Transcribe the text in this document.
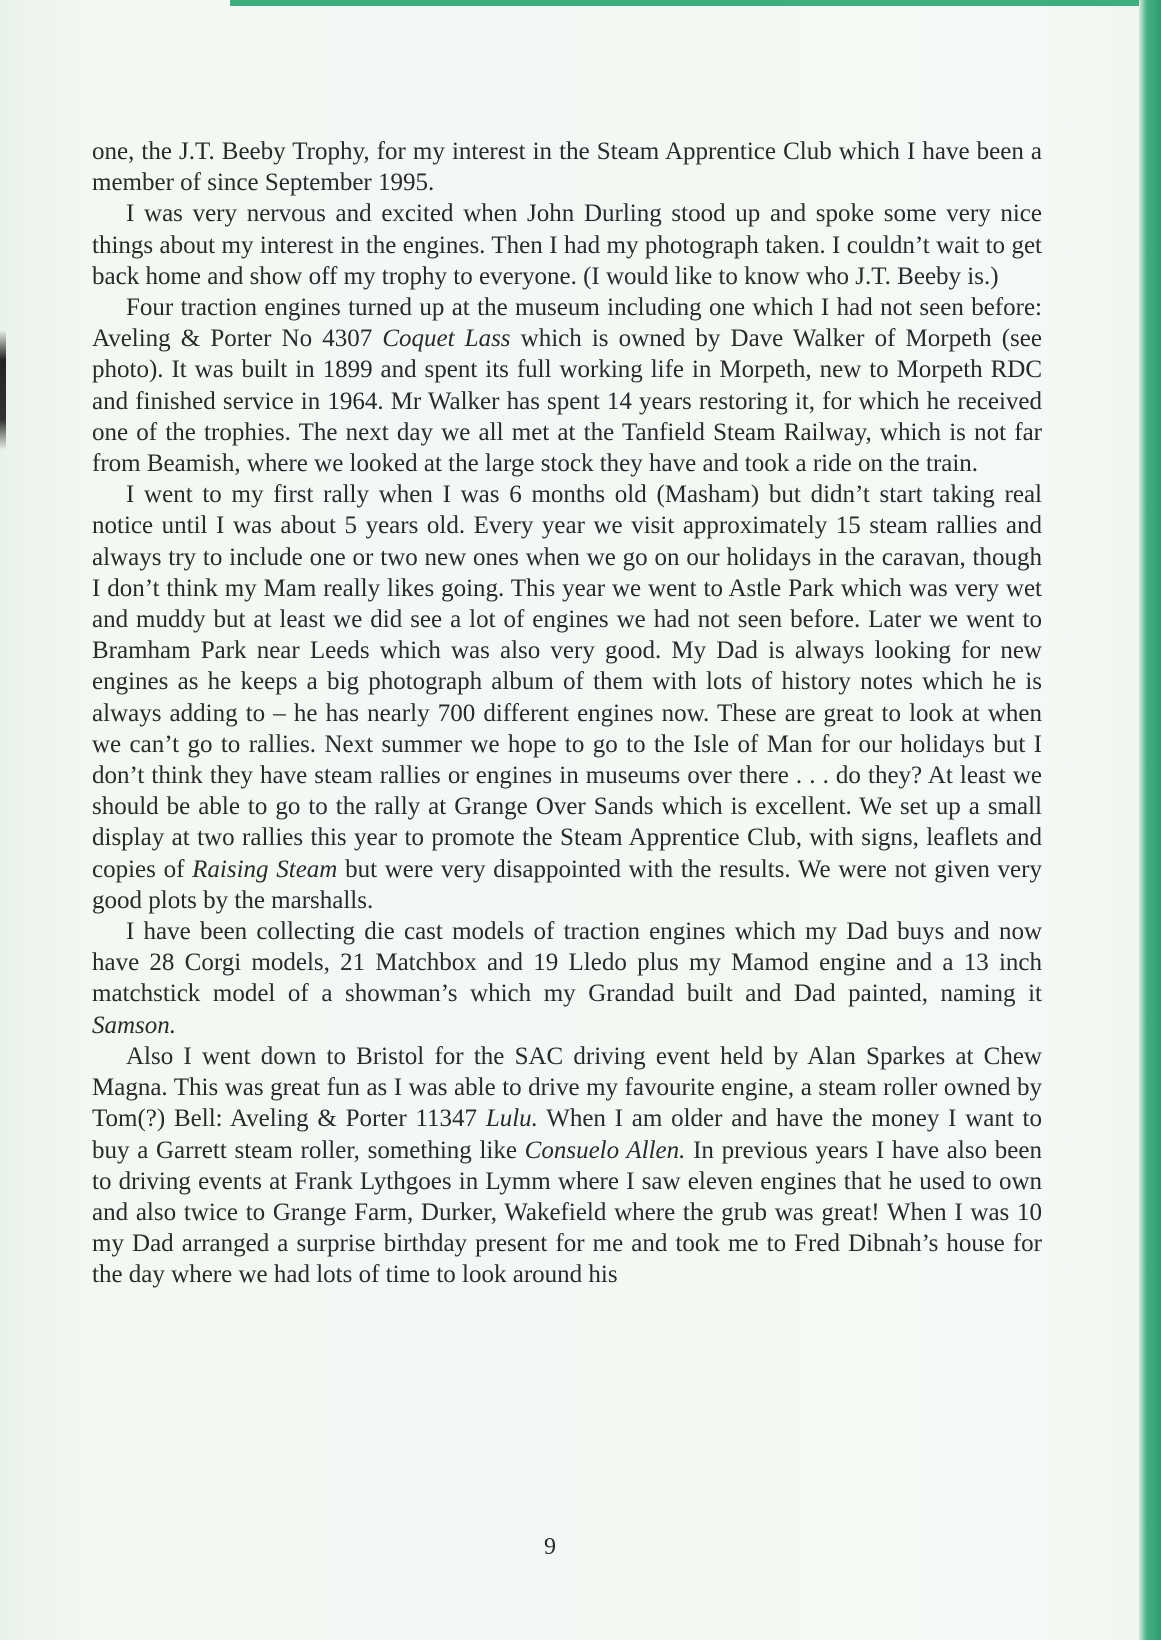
one, the J.T. Beeby Trophy, for my interest in the Steam Apprentice Club which I have been a member of since September 1995.

I was very nervous and excited when John Durling stood up and spoke some very nice things about my interest in the engines. Then I had my photograph taken. I couldn’t wait to get back home and show off my trophy to everyone. (I would like to know who J.T. Beeby is.)

Four traction engines turned up at the museum including one which I had not seen before: Aveling & Porter No 4307 Coquet Lass which is owned by Dave Walker of Morpeth (see photo). It was built in 1899 and spent its full working life in Morpeth, new to Morpeth RDC and finished service in 1964. Mr Walker has spent 14 years restoring it, for which he received one of the trophies. The next day we all met at the Tanfield Steam Railway, which is not far from Beamish, where we looked at the large stock they have and took a ride on the train.

I went to my first rally when I was 6 months old (Masham) but didn’t start taking real notice until I was about 5 years old. Every year we visit approximately 15 steam rallies and always try to include one or two new ones when we go on our holidays in the caravan, though I don’t think my Mam really likes going. This year we went to Astle Park which was very wet and muddy but at least we did see a lot of engines we had not seen before. Later we went to Bramham Park near Leeds which was also very good. My Dad is always looking for new engines as he keeps a big photograph album of them with lots of history notes which he is always adding to – he has nearly 700 different engines now. These are great to look at when we can’t go to rallies. Next summer we hope to go to the Isle of Man for our holidays but I don’t think they have steam rallies or engines in museums over there . . . do they? At least we should be able to go to the rally at Grange Over Sands which is excellent. We set up a small display at two rallies this year to promote the Steam Apprentice Club, with signs, leaflets and copies of Raising Steam but were very disappointed with the results. We were not given very good plots by the marshalls.

I have been collecting die cast models of traction engines which my Dad buys and now have 28 Corgi models, 21 Matchbox and 19 Lledo plus my Mamod engine and a 13 inch matchstick model of a showman’s which my Grandad built and Dad painted, naming it Samson.

Also I went down to Bristol for the SAC driving event held by Alan Sparkes at Chew Magna. This was great fun as I was able to drive my favourite engine, a steam roller owned by Tom(?) Bell: Aveling & Porter 11347 Lulu. When I am older and have the money I want to buy a Garrett steam roller, something like Consuelo Allen. In previous years I have also been to driving events at Frank Lythgoes in Lymm where I saw eleven engines that he used to own and also twice to Grange Farm, Durker, Wakefield where the grub was great! When I was 10 my Dad arranged a surprise birthday present for me and took me to Fred Dibnah’s house for the day where we had lots of time to look around his

9
